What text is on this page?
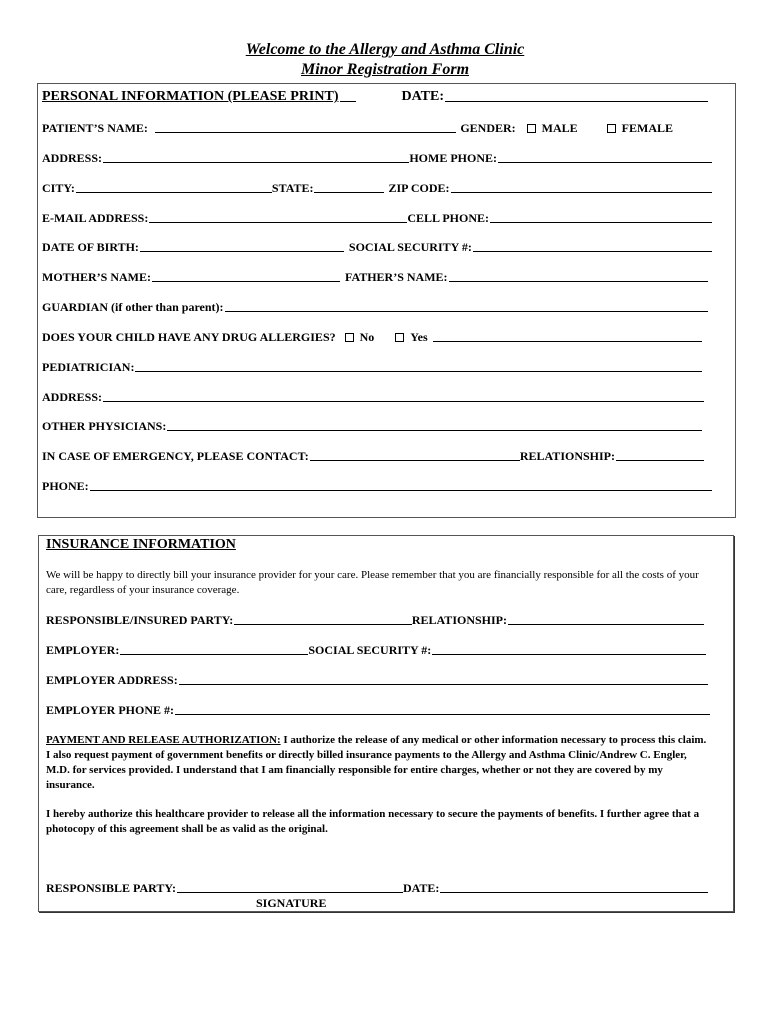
Welcome to the Allergy and Asthma Clinic
Minor Registration Form
PERSONAL INFORMATION (PLEASE PRINT)	DATE:
PATIENT’S NAME:	GENDER: MALE	FEMALE
ADDRESS:	HOME PHONE:
CITY:	STATE:	ZIP CODE:
E-MAIL ADDRESS:	CELL PHONE:
DATE OF BIRTH:	SOCIAL SECURITY #:
MOTHER’S NAME:	FATHER’S NAME:
GUARDIAN (if other than parent):
DOES YOUR CHILD HAVE ANY DRUG ALLERGIES? No	Yes
PEDIATRICIAN:
ADDRESS:
OTHER PHYSICIANS:
IN CASE OF EMERGENCY, PLEASE CONTACT:	RELATIONSHIP:
PHONE:
INSURANCE INFORMATION
We will be happy to directly bill your insurance provider for your care. Please remember that you are financially responsible for all the costs of your care, regardless of your insurance coverage.
RESPONSIBLE/INSURED PARTY:	RELATIONSHIP:
EMPLOYER:	SOCIAL SECURITY #:
EMPLOYER ADDRESS:
EMPLOYER PHONE #:
PAYMENT AND RELEASE AUTHORIZATION: I authorize the release of any medical or other information necessary to process this claim. I also request payment of government benefits or directly billed insurance payments to the Allergy and Asthma Clinic/Andrew C. Engler, M.D. for services provided. I understand that I am financially responsible for entire charges, whether or not they are covered by my insurance.
I hereby authorize this healthcare provider to release all the information necessary to secure the payments of benefits. I further agree that a photocopy of this agreement shall be as valid as the original.
RESPONSIBLE PARTY:	DATE:
SIGNATURE
